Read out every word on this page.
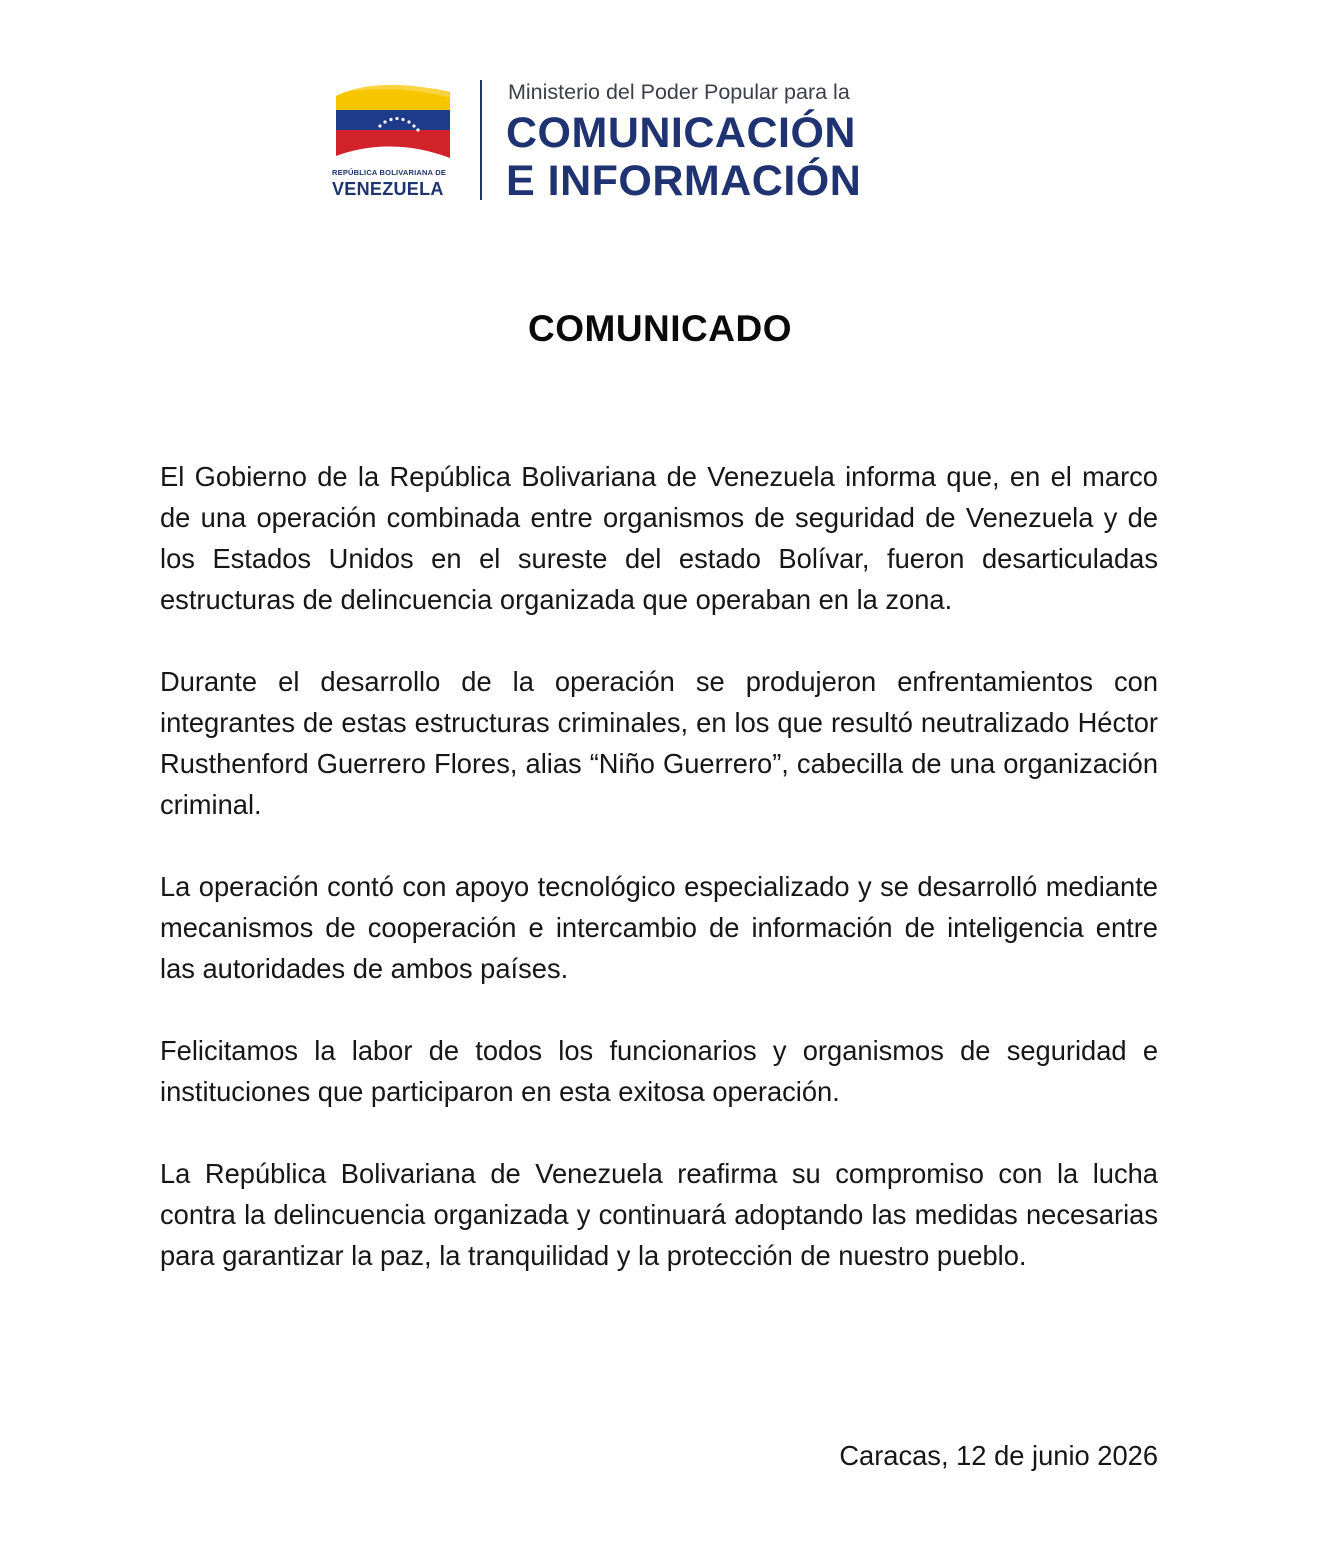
REPÚBLICA BOLIVARIANA DE
VENEZUELA
Ministerio del Poder Popular para la
COMUNICACIÓN
E INFORMACIÓN
COMUNICADO

El Gobierno de la República Bolivariana de Venezuela informa que, en el marco de una operación combinada entre organismos de seguridad de Venezuela y de los Estados Unidos en el sureste del estado Bolívar, fueron desarticuladas estructuras de delincuencia organizada que operaban en la zona.

Durante el desarrollo de la operación se produjeron enfrentamientos con integrantes de estas estructuras criminales, en los que resultó neutralizado Héctor Rusthenford Guerrero Flores, alias “Niño Guerrero”, cabecilla de una organización criminal.

La operación contó con apoyo tecnológico especializado y se desarrolló mediante mecanismos de cooperación e intercambio de información de inteligencia entre las autoridades de ambos países.

Felicitamos la labor de todos los funcionarios y organismos de seguridad e instituciones que participaron en esta exitosa operación.

La República Bolivariana de Venezuela reafirma su compromiso con la lucha contra la delincuencia organizada y continuará adoptando las medidas necesarias para garantizar la paz, la tranquilidad y la protección de nuestro pueblo.

Caracas, 12 de junio 2026
